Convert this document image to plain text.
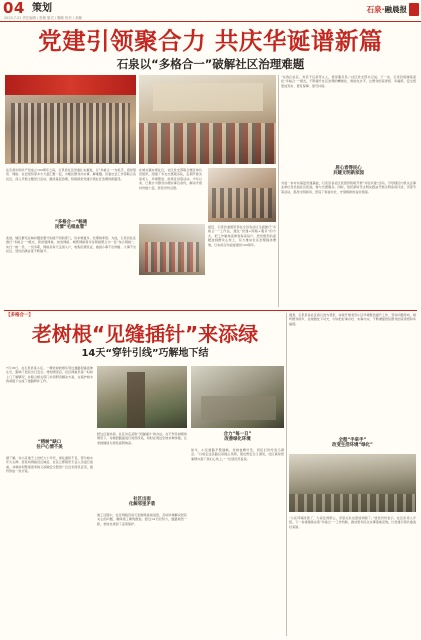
04 策划
2023.7.21 责任编辑 / 张敏 版式 / 魏敏 校对 / 高姗
石泉 · 融晨报
党建引领聚合力 共庆华诞谱新篇
石泉以“多格合一”破解社区治理难题
在庆祝中国共产党成立102周年之际，石泉县社区党建扎实推进，以“多格合一”为抓手，将党组织、网格、社会组织等多方力量汇聚一起，为辖区群众办实事、解难题。县委社会工作部联合各社区，深入开展主题党日活动，围绕基层治理，积极探索党建引领社区治理的新路径。
“多格合一”畅通
民情“毛细血管”
此前，辖区群众反映问题需要分别找不同的部门，诉求渠道多、处理效率低。为此，石泉县社区推行“多格合一”模式，将党建网格、综治网格、城管网格等多张网格整合为一张“综合网格”，实行一格一员、一员多职，网格员每天走街入户，收集民情民意，做到小事不出网格、大事不出社区，居民的满意度不断提升。
在城关镇东坝社区，社区党支部联合辖区单位党组织，组建了多支志愿服务队，定期开展关爱老人、环境整治、政策宣讲等活动。今年以来，已累计为群众办理实事百余件，解决矛盾纠纷数十起，居民纷纷点赞。
最近，石泉县委组织部在全县各社区全面推行“多格合一”工作法，通过“党建+网格+服务”的方式，把工作触角延伸到每家每户，把党组织的温暖送到群众心坎上，有力推动社区治理提质增效，以实际行动迎接建党102周年。
“在我们社区，党员不仅是带头人，更是服务员。”社区党支部书记说。下一步，石泉县将继续深化“多格合一”模式，不断提升社区治理的精细化、智能化水平，让群众的获得感、幸福感、安全感更加充实、更有保障、更可持续。
居心者得民心
共建文明新家园
为进一步夯实基层党建基础，石泉县各社区党组织积极开展“共驻共建”活动，引导辖区内机关企事业单位党员到社区报到，参与志愿服务。同时，依托新时代文明实践站开展文明家庭评选、邻里节等活动，倡导文明新风，营造了和谐共处、守望相助的良好氛围。
【多格合一】
老树根“见缝插针”来添绿
14天“穿针引线”巧解地下结
7月18日，在石泉县某小区，一棵老树的根系穿过道路裂缝延伸生长，影响了居民出行安全。得知情况后，社区网格员第一时间上门了解情况，并联合相关部门共同研究解决方案，在保护树木的前提下完成了道路修补工作。
“榕树”缺口
住户心情不美
据了解，该小区建于上世纪九十年代，绿化面积不足，部分树木年久失修。居民向网格员反映后，社区立即组织专业人员进行查看，并就如何既保留老树又消除安全隐患广泛征求居民意见，最终形成一致方案。
经过反复协商，社区决定采取“见缝插针”的办法，在不伤及树根的情况下，对破损路面进行局部改造，同时在周边空地补种绿植，让老树继续为居民遮阴纳凉。
社区出面
化解邻里矛盾
施工过程中，社区网格员每天到现场查看进度，及时协调解决居民关心的问题，确保施工顺利推进。经过14天的努力，道路焕然一新，老树也得到了妥善保护。
合力“每一日”
改善绿化环境
如今，小区道路平整通畅，老树枝繁叶茂，居民们纷纷表示满意。“以前走这条路总是提心吊胆，现在既安全又漂亮，社区真是把事情办到了我们心坎上。”一位居民笑着说。
据悉，石泉县各社区将以此为契机，持续开展老旧小区环境整治提升工作，坚持问题导向，倾听群众呼声，在细微处下功夫，切实把好事办好、实事办实，不断增强居民群众的获得感和幸福感。
全程“手牵手”
改变生活环境“绿化”
“小区环境改善了，大家住得舒心，邻里关系也更加和睦了。”居民纷纷表示。社区负责人介绍，下一步将继续完善“多格合一”工作机制，推动更多民生实事落地见效，以党建引领共建美好家园。
